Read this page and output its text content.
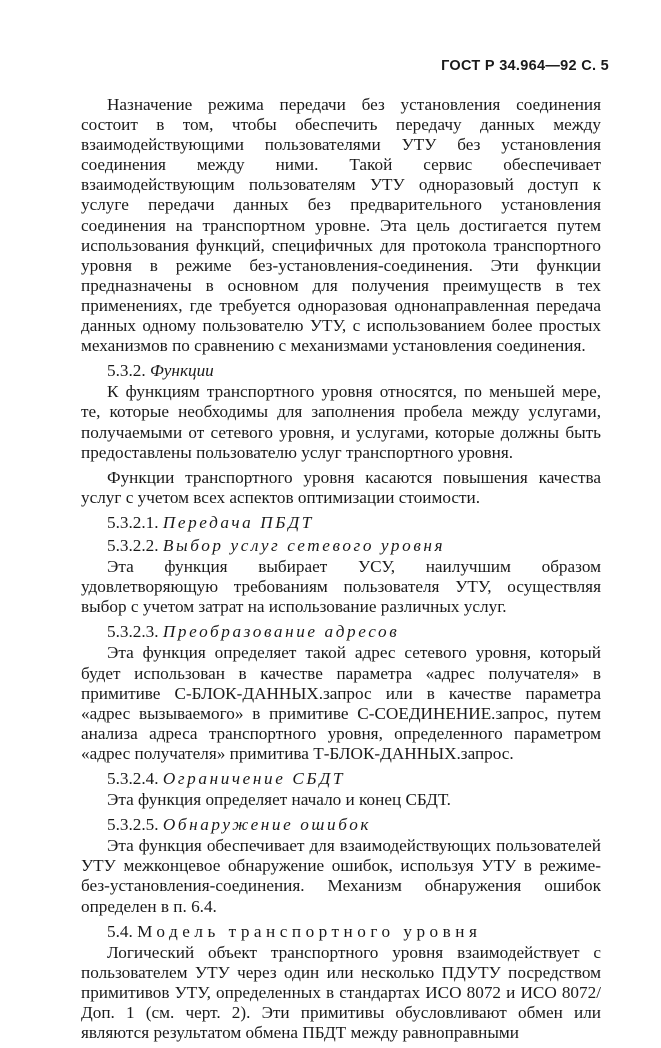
ГОСТ Р 34.964—92 С. 5

Назначение режима передачи без установления соединения состоит в том, чтобы обеспечить передачу данных между взаимодействующими пользователями УТУ без установления соединения между ними. Такой сервис обеспечивает взаимодействующим пользователям УТУ одноразовый доступ к услуге передачи данных без предварительного установления соединения на транспортном уровне. Эта цель достигается путем использования функций, специфичных для протокола транспортного уровня в режиме без-установления-соединения. Эти функции предназначены в основном для получения преимуществ в тех применениях, где требуется одноразовая однонаправленная передача данных одному пользователю УТУ, с использованием более простых механизмов по сравнению с механизмами установления соединения.

5.3.2. Функции

К функциям транспортного уровня относятся, по меньшей мере, те, которые необходимы для заполнения пробела между услугами, получаемыми от сетевого уровня, и услугами, которые должны быть предоставлены пользователю услуг транспортного уровня.

Функции транспортного уровня касаются повышения качества услуг с учетом всех аспектов оптимизации стоимости.

5.3.2.1. Передача ПБДТ
5.3.2.2. Выбор услуг сетевого уровня

Эта функция выбирает УСУ, наилучшим образом удовлетворяющую требованиям пользователя УТУ, осуществляя выбор с учетом затрат на использование различных услуг.

5.3.2.3. Преобразование адресов

Эта функция определяет такой адрес сетевого уровня, который будет использован в качестве параметра «адрес получателя» в примитиве С-БЛОК-ДАННЫХ.запрос или в качестве параметра «адрес вызываемого» в примитиве С-СОЕДИНЕНИЕ.запрос, путем анализа адреса транспортного уровня, определенного параметром «адрес получателя» примитива Т-БЛОК-ДАННЫХ.запрос.

5.3.2.4. Ограничение СБДТ

Эта функция определяет начало и конец СБДТ.

5.3.2.5. Обнаружение ошибок

Эта функция обеспечивает для взаимодействующих пользователей УТУ межконцевое обнаружение ошибок, используя УТУ в режиме-без-установления-соединения. Механизм обнаружения ошибок определен в п. 6.4.

5.4. Модель транспортного уровня

Логический объект транспортного уровня взаимодействует с пользователем УТУ через один или несколько ПДУТУ посредством примитивов УТУ, определенных в стандартах ИСО 8072 и ИСО 8072/Доп. 1 (см. черт. 2). Эти примитивы обусловливают обмен или являются результатом обмена ПБДТ между равноправными
